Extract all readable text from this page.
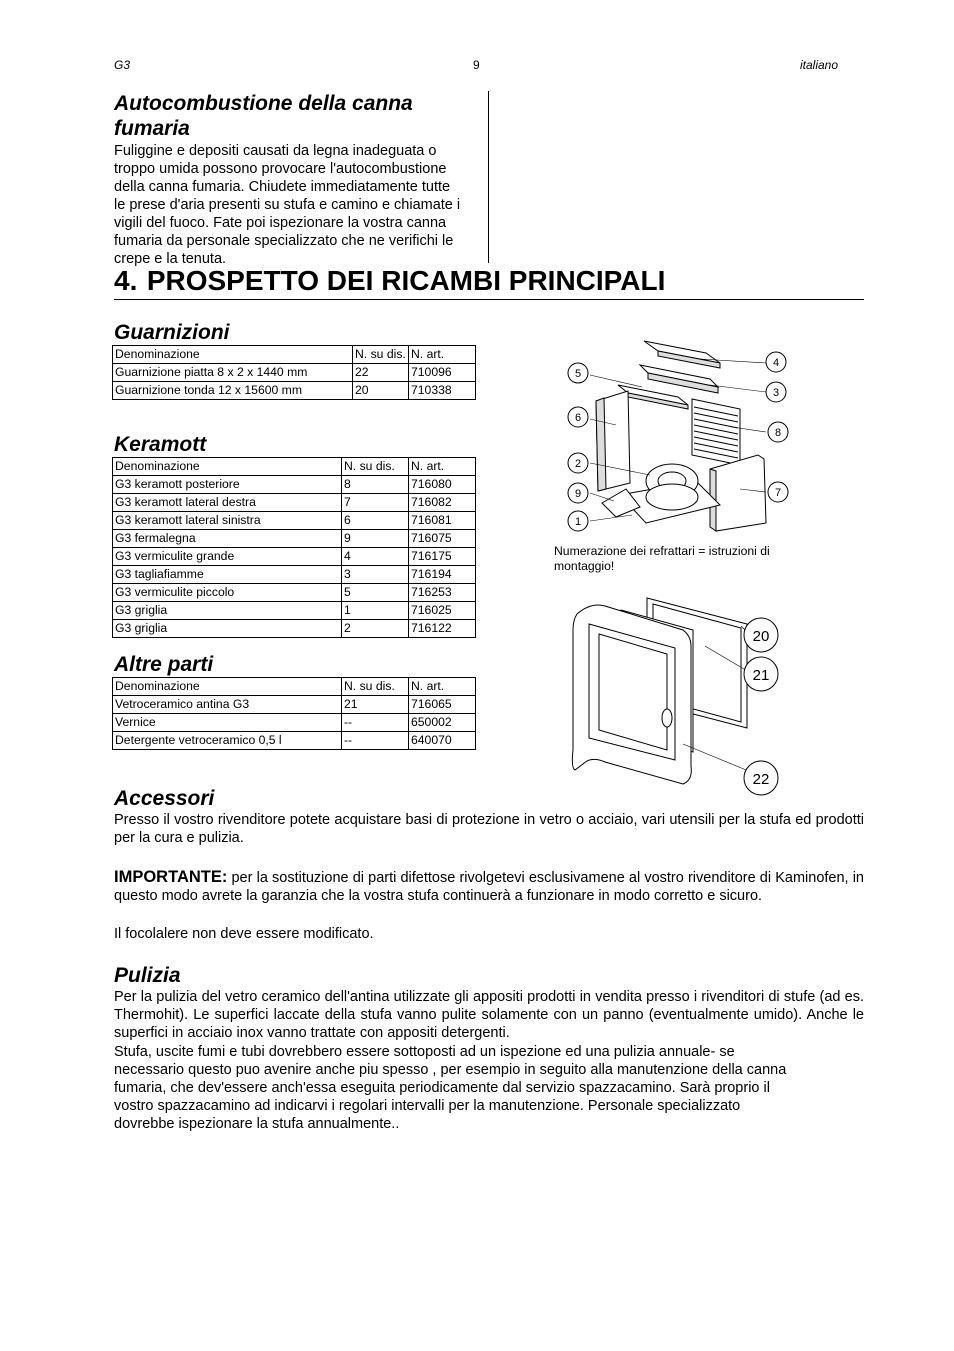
G3	9	italiano
Autocombustione della canna
fumaria
Fuliggine e depositi causati da legna inadeguata o
troppo umida possono provocare l'autocombustione
della canna fumaria. Chiudete immediatamente tutte
le prese d'aria presenti su stufa e camino e chiamate i
vigili del fuoco. Fate poi ispezionare la vostra canna
fumaria da personale specializzato che ne verifichi le
crepe e la tenuta.
4. PROSPETTO DEI RICAMBI PRINCIPALI
Guarnizioni
Denominazione	N. su dis.	N. art.
Guarnizione piatta 8 x 2 x 1440 mm	22	710096
Guarnizione tonda 12 x 15600 mm	20	710338
Keramott
Denominazione	N. su dis.	N. art.
G3 keramott posteriore	8	716080
G3 keramott lateral destra	7	716082
G3 keramott lateral sinistra	6	716081
G3 fermalegna	9	716075
G3 vermiculite grande	4	716175
G3 tagliafiamme	3	716194
G3 vermiculite piccolo	5	716253
G3 griglia	1	716025
G3 griglia	2	716122
Altre parti
Denominazione	N. su dis.	N. art.
Vetroceramico antina G3	21	716065
Vernice	--	650002
Detergente vetroceramico 0,5 l	--	640070
4
5
3
6
8
2
7
9
1
Numerazione dei refrattari = istruzioni di
montaggio!
20
21
22
Accessori
Presso il vostro rivenditore potete acquistare basi di protezione in vetro o acciaio, vari utensili per la stufa ed prodotti per la cura e pulizia.
IMPORTANTE: per la sostituzione di parti difettose rivolgetevi esclusivamene al vostro rivenditore di Kaminofen, in questo modo avrete la garanzia che la vostra stufa continuerà a funzionare in modo corretto e sicuro.
Il focolalere non deve essere modificato.
Pulizia
Per la pulizia del vetro ceramico dell'antina utilizzate gli appositi prodotti in vendita presso i rivenditori di stufe (ad es. Thermohit). Le superfici laccate della stufa vanno pulite solamente con un panno (eventualmente umido). Anche le superfici in acciaio inox vanno trattate con appositi detergenti.
Stufa, uscite fumi e tubi dovrebbero essere sottoposti ad un ispezione ed una pulizia annuale- se
necessario questo puo avenire anche piu spesso , per esempio in seguito alla manutenzione della canna
fumaria, che dev'essere anch'essa eseguita periodicamente dal servizio spazzacamino. Sarà proprio il
vostro spazzacamino ad indicarvi i regolari intervalli per la manutenzione. Personale specializzato
dovrebbe ispezionare la stufa annualmente..
